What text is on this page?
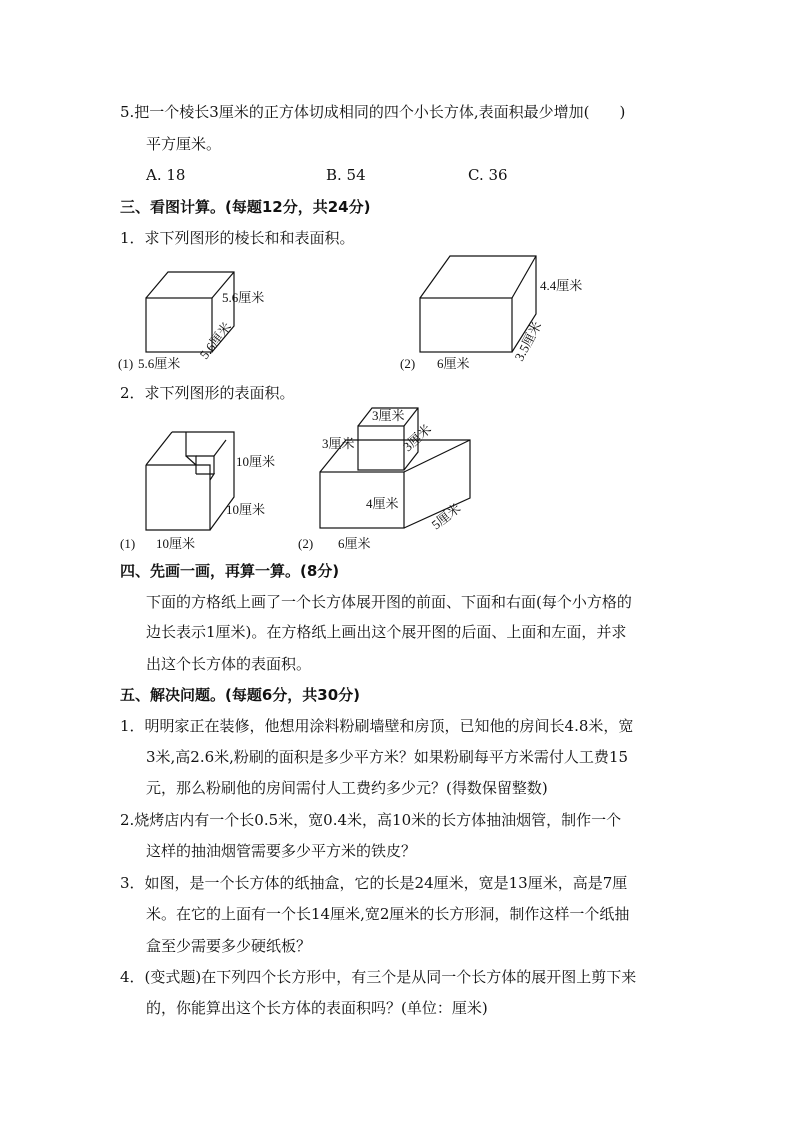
5.把一个棱长3厘米的正方体切成相同的四个小长方体,表面积最少增加(　　)
平方厘米。
A. 18	B. 54	C. 36
三、看图计算。(每题12分，共24分)
1．求下列图形的棱长和和表面积。
2．求下列图形的表面积。
5.6厘米
5.6厘米
(1) 5.6厘米
4.4厘米
3.5厘米
(2) 6厘米
10厘米
10厘米
(1) 10厘米
3厘米
3厘米	3厘米
4厘米 5厘米
(2) 6厘米
四、先画一画，再算一算。(8分)
下面的方格纸上画了一个长方体展开图的前面、下面和右面(每个小方格的
边长表示1厘米)。在方格纸上画出这个展开图的后面、上面和左面，并求
出这个长方体的表面积。
五、解决问题。(每题6分，共30分)
1．明明家正在装修，他想用涂料粉刷墙壁和房顶，已知他的房间长4.8米，宽
3米,高2.6米,粉刷的面积是多少平方米？如果粉刷每平方米需付人工费15
元，那么粉刷他的房间需付人工费约多少元？(得数保留整数)
2.烧烤店内有一个长0.5米，宽0.4米，高10米的长方体抽油烟管，制作一个
这样的抽油烟管需要多少平方米的铁皮？
3．如图，是一个长方体的纸抽盒，它的长是24厘米，宽是13厘米，高是7厘
米。在它的上面有一个长14厘米,宽2厘米的长方形洞，制作这样一个纸抽
盒至少需要多少硬纸板？
4．(变式题)在下列四个长方形中，有三个是从同一个长方体的展开图上剪下来
的，你能算出这个长方体的表面积吗？(单位：厘米)
